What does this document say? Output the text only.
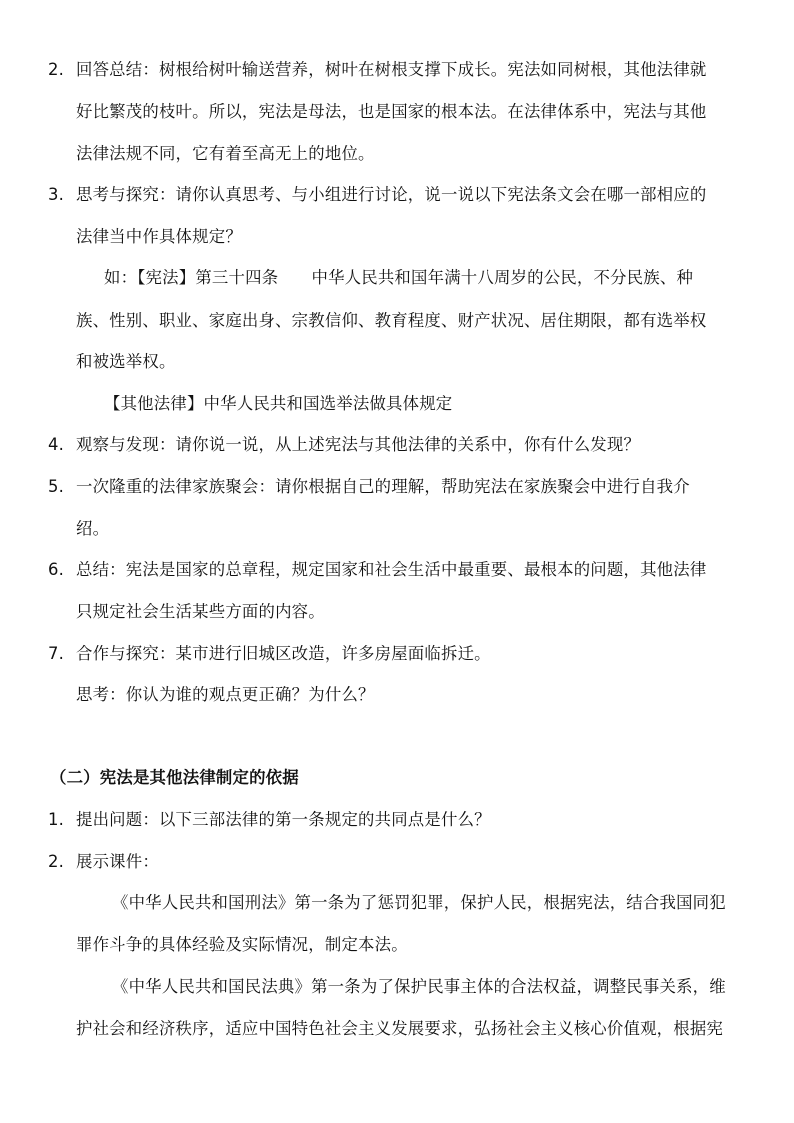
2. 回答总结：树根给树叶输送营养，树叶在树根支撑下成长。宪法如同树根，其他法律就
好比繁茂的枝叶。所以，宪法是母法，也是国家的根本法。在法律体系中，宪法与其他
法律法规不同，它有着至高无上的地位。
3. 思考与探究：请你认真思考、与小组进行讨论，说一说以下宪法条文会在哪一部相应的
法律当中作具体规定？
如：【宪法】第三十四条　　中华人民共和国年满十八周岁的公民，不分民族、种
族、性别、职业、家庭出身、宗教信仰、教育程度、财产状况、居住期限，都有选举权
和被选举权。
【其他法律】中华人民共和国选举法做具体规定
4. 观察与发现：请你说一说，从上述宪法与其他法律的关系中，你有什么发现？
5. 一次隆重的法律家族聚会：请你根据自己的理解，帮助宪法在家族聚会中进行自我介
绍。
6. 总结：宪法是国家的总章程，规定国家和社会生活中最重要、最根本的问题，其他法律
只规定社会生活某些方面的内容。
7. 合作与探究：某市进行旧城区改造，许多房屋面临拆迁。
思考：你认为谁的观点更正确？为什么？
（二）宪法是其他法律制定的依据
1. 提出问题：以下三部法律的第一条规定的共同点是什么？
2. 展示课件：
《中华人民共和国刑法》第一条为了惩罚犯罪，保护人民，根据宪法，结合我国同犯
罪作斗争的具体经验及实际情况，制定本法。
《中华人民共和国民法典》第一条为了保护民事主体的合法权益，调整民事关系，维
护社会和经济秩序，适应中国特色社会主义发展要求，弘扬社会主义核心价值观，根据宪
